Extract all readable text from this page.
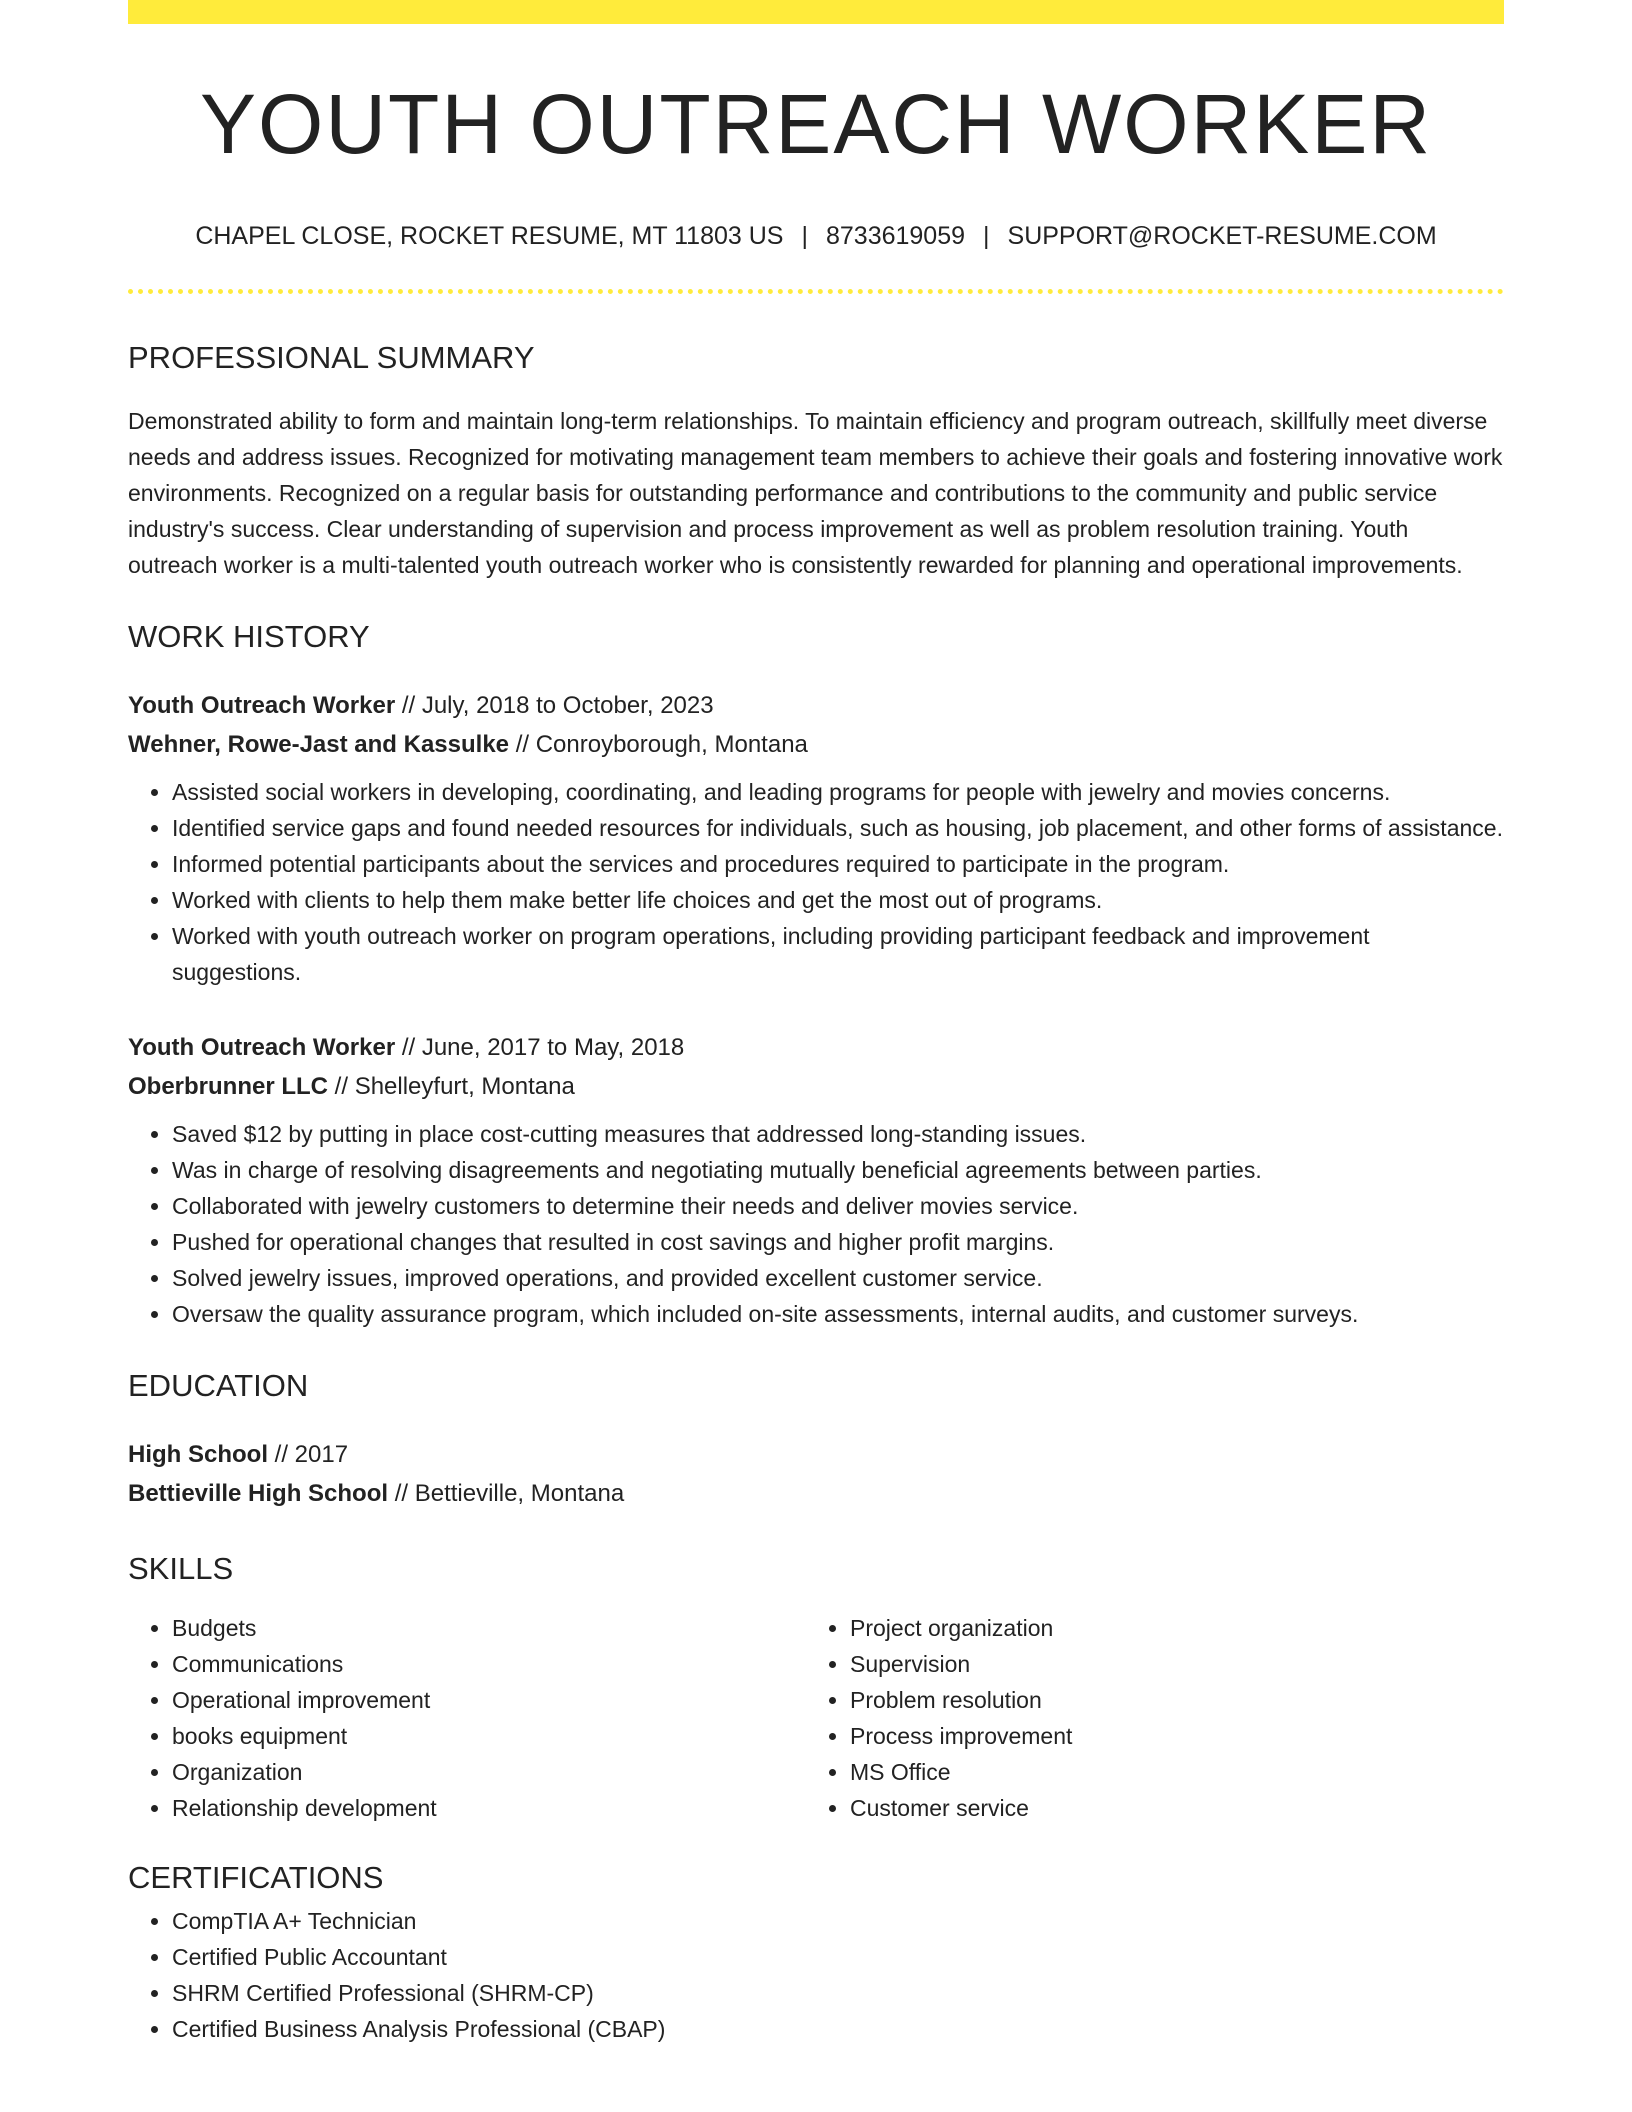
YOUTH OUTREACH WORKER
CHAPEL CLOSE, ROCKET RESUME, MT 11803 US | 8733619059 | SUPPORT@ROCKET-RESUME.COM
PROFESSIONAL SUMMARY
Demonstrated ability to form and maintain long-term relationships. To maintain efficiency and program outreach, skillfully meet diverse needs and address issues. Recognized for motivating management team members to achieve their goals and fostering innovative work environments. Recognized on a regular basis for outstanding performance and contributions to the community and public service industry's success. Clear understanding of supervision and process improvement as well as problem resolution training. Youth outreach worker is a multi-talented youth outreach worker who is consistently rewarded for planning and operational improvements.
WORK HISTORY
Youth Outreach Worker // July, 2018 to October, 2023
Wehner, Rowe-Jast and Kassulke // Conroyborough, Montana
• Assisted social workers in developing, coordinating, and leading programs for people with jewelry and movies concerns.
• Identified service gaps and found needed resources for individuals, such as housing, job placement, and other forms of assistance.
• Informed potential participants about the services and procedures required to participate in the program.
• Worked with clients to help them make better life choices and get the most out of programs.
• Worked with youth outreach worker on program operations, including providing participant feedback and improvement suggestions.
Youth Outreach Worker // June, 2017 to May, 2018
Oberbrunner LLC // Shelleyfurt, Montana
• Saved $12 by putting in place cost-cutting measures that addressed long-standing issues.
• Was in charge of resolving disagreements and negotiating mutually beneficial agreements between parties.
• Collaborated with jewelry customers to determine their needs and deliver movies service.
• Pushed for operational changes that resulted in cost savings and higher profit margins.
• Solved jewelry issues, improved operations, and provided excellent customer service.
• Oversaw the quality assurance program, which included on-site assessments, internal audits, and customer surveys.
EDUCATION
High School // 2017
Bettieville High School // Bettieville, Montana
SKILLS
• Budgets
• Communications
• Operational improvement
• books equipment
• Organization
• Relationship development
• Project organization
• Supervision
• Problem resolution
• Process improvement
• MS Office
• Customer service
CERTIFICATIONS
• CompTIA A+ Technician
• Certified Public Accountant
• SHRM Certified Professional (SHRM-CP)
• Certified Business Analysis Professional (CBAP)
